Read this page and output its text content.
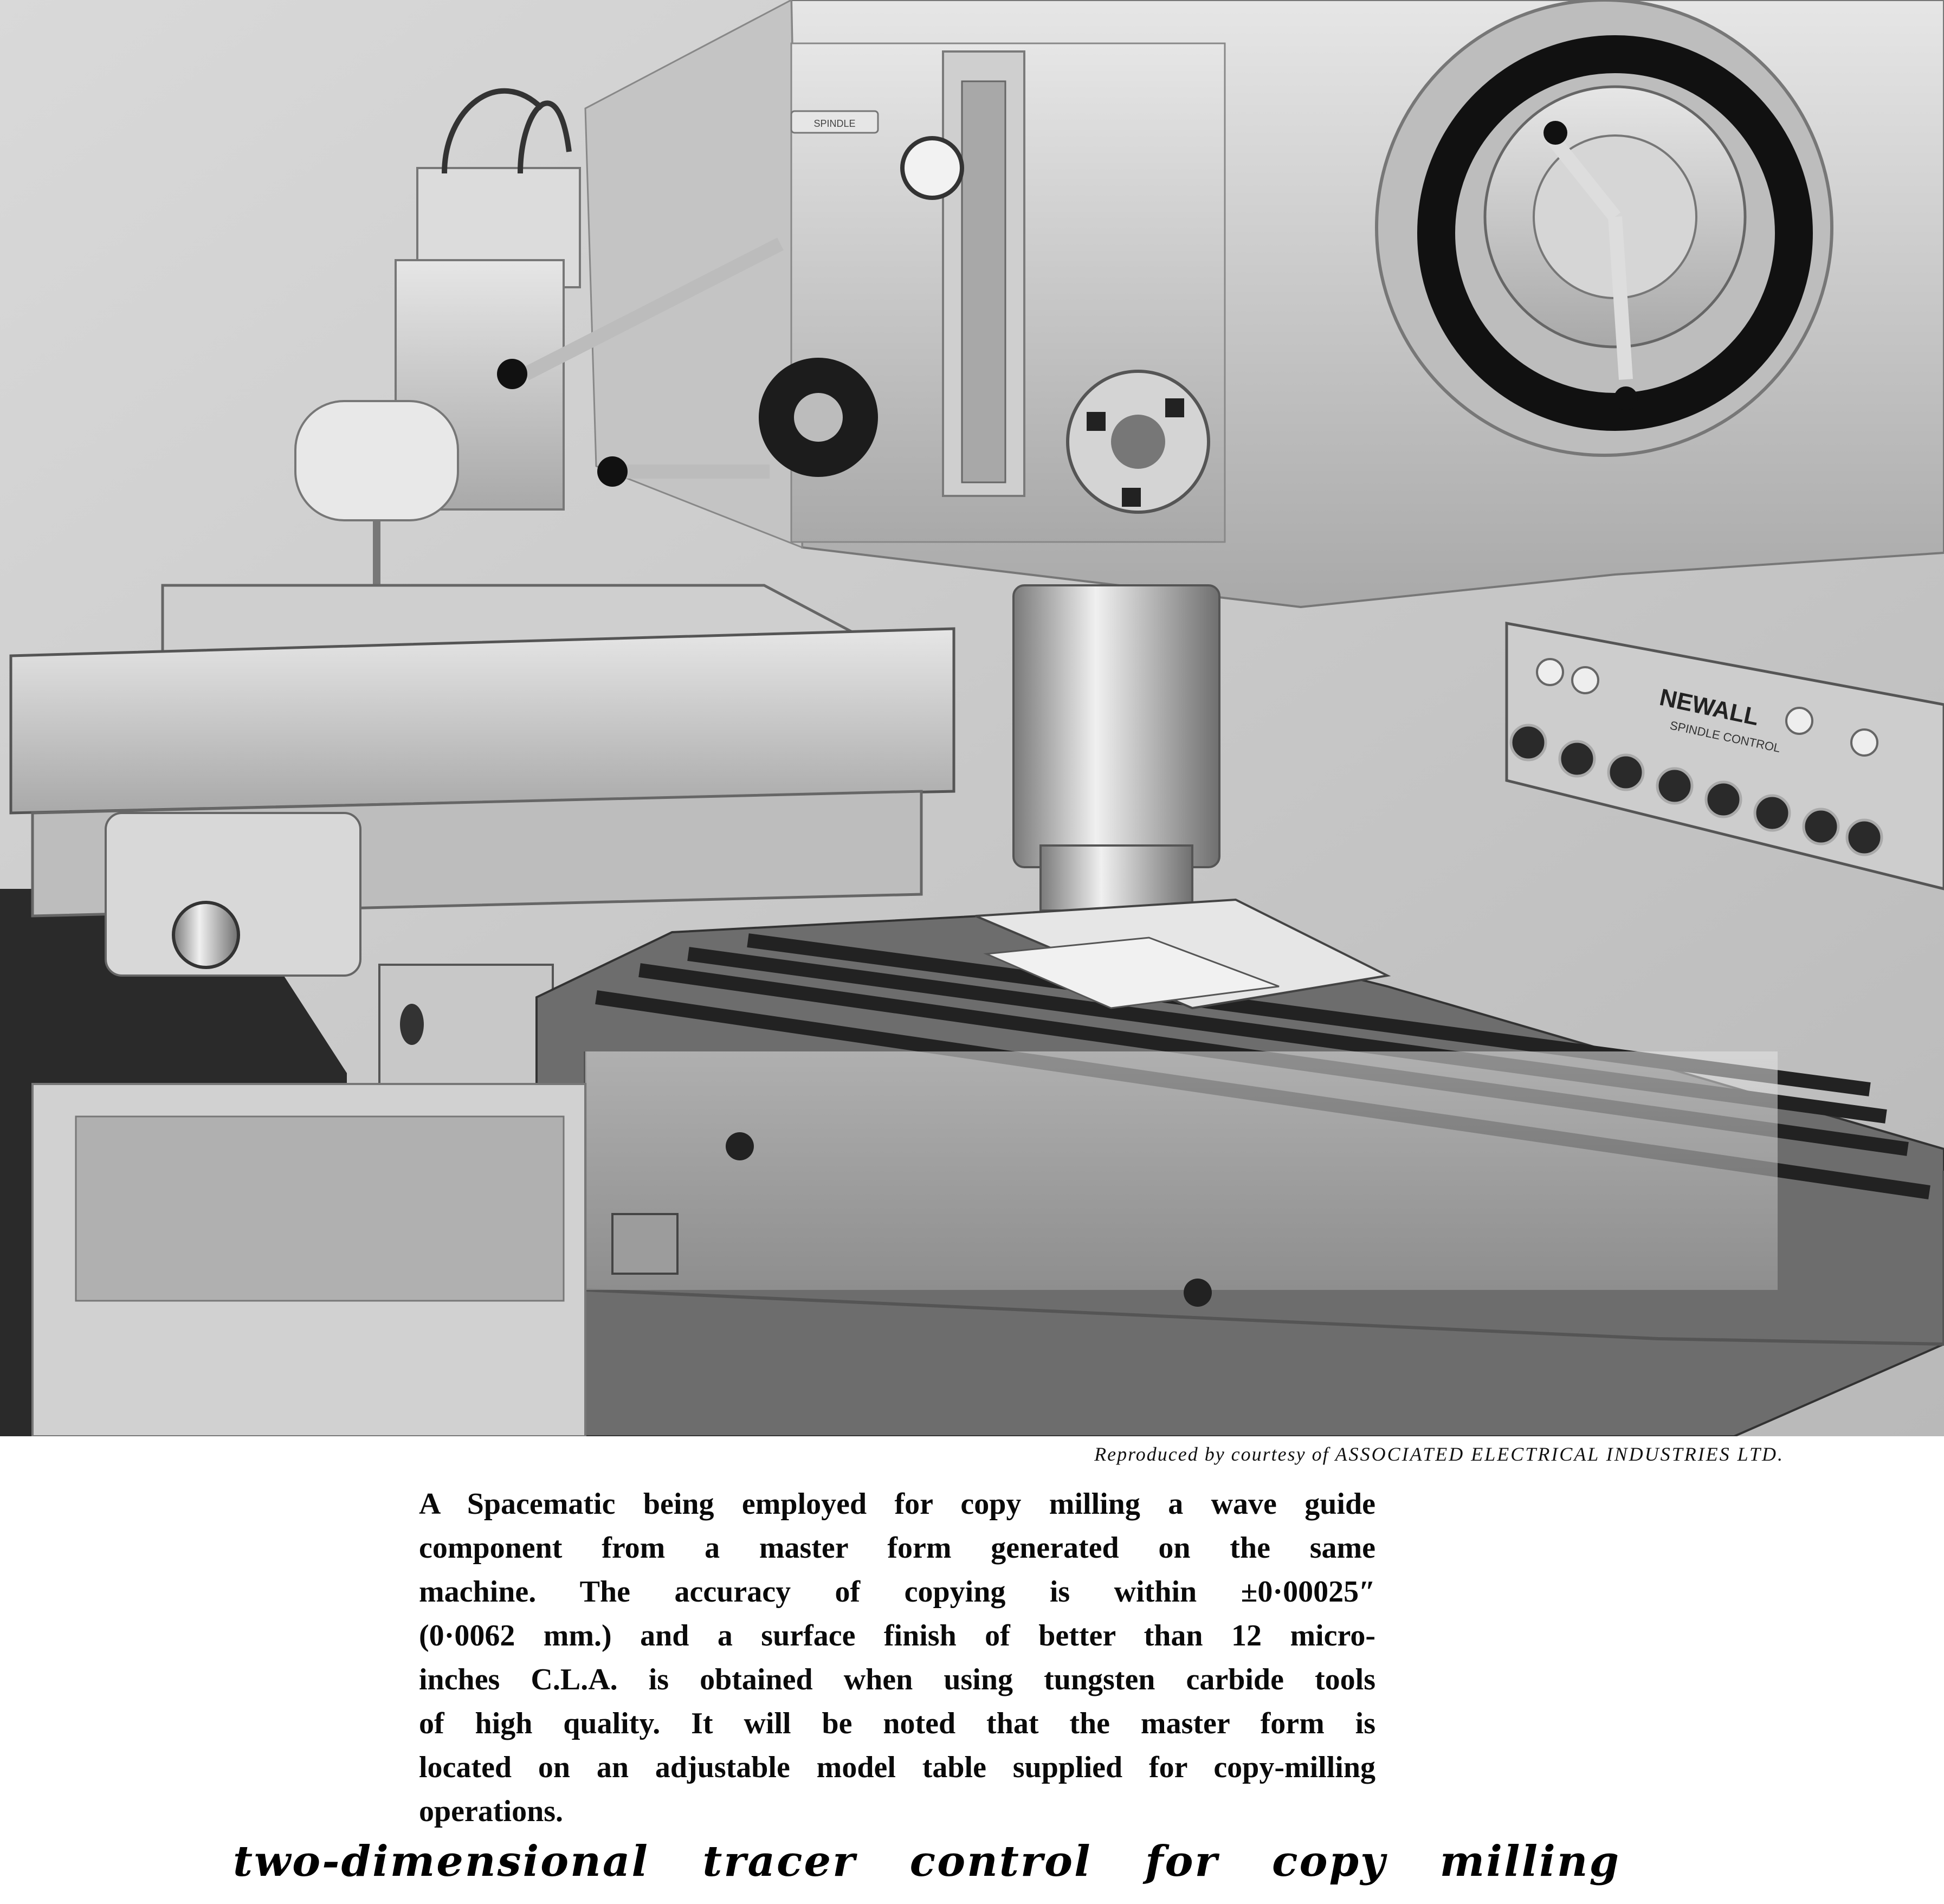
SPINDLE
NEWALL
SPINDLE CONTROL
Reproduced by courtesy of ASSOCIATED ELECTRICAL INDUSTRIES LTD.
A Spacematic being employed for copy milling a wave guide
component from a master form generated on the same
machine. The accuracy of copying is within ±0·00025″
(0·0062 mm.) and a surface finish of better than 12 micro-
inches C.L.A. is obtained when using tungsten carbide tools
of high quality. It will be noted that the master form is
located on an adjustable model table supplied for copy-milling
operations.
two-dimensional tracer control for copy milling
